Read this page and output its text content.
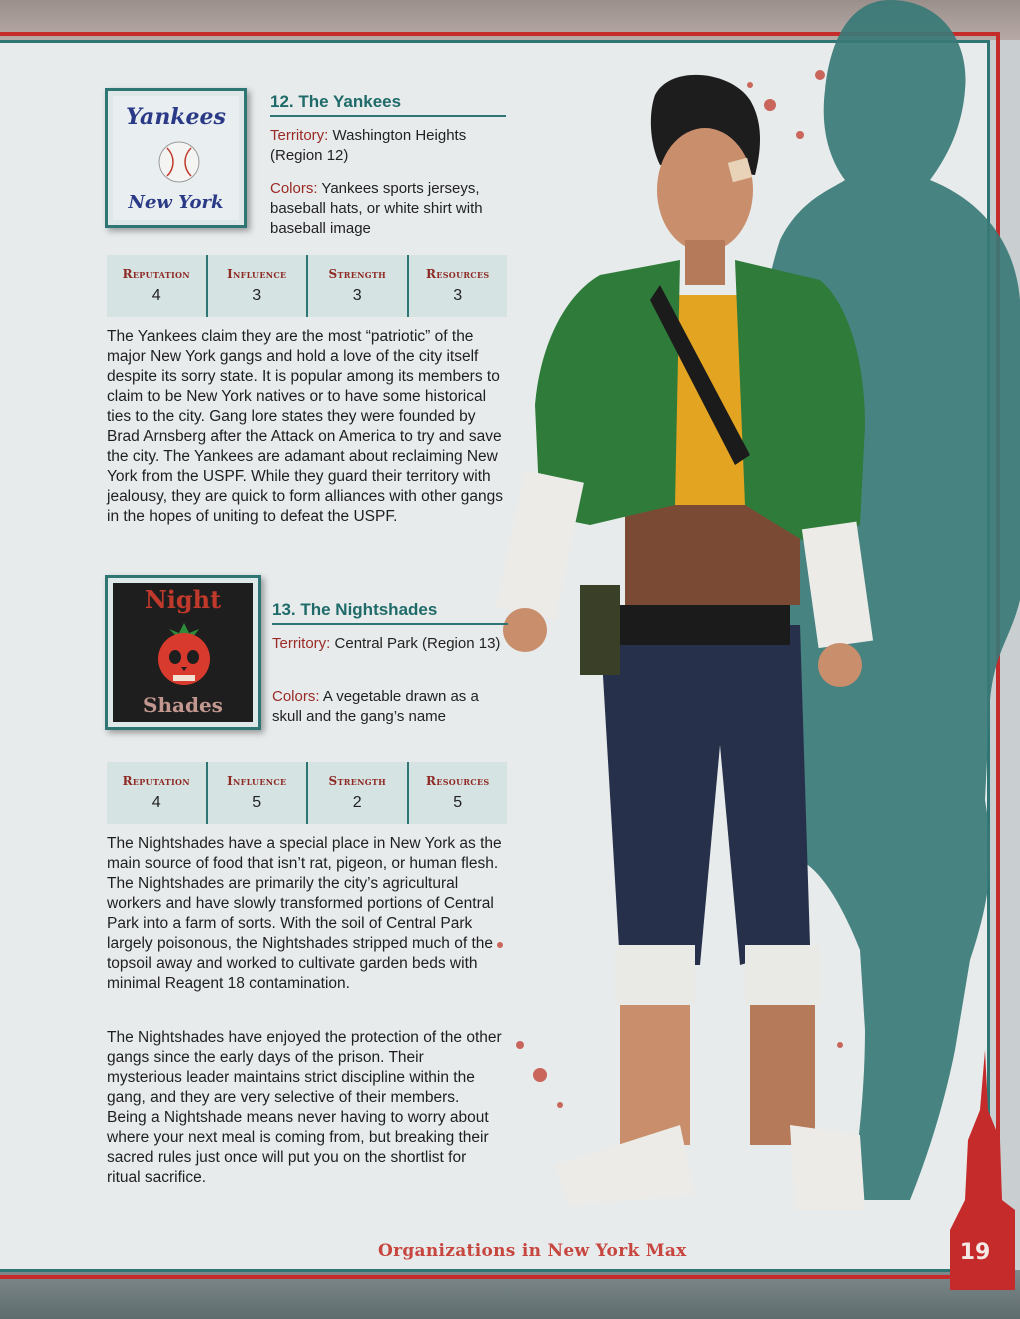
Yankees
New York
12. The Yankees
Territory: Washington Heights (Region 12)
Colors: Yankees sports jerseys, baseball hats, or white shirt with baseball image
Reputation
4
Influence
3
Strength
3
Resources
3

The Yankees claim they are the most “patriotic” of the major New York gangs and hold a love of the city itself despite its sorry state. It is popular among its members to claim to be New York natives or to have some historical ties to the city. Gang lore states they were founded by Brad Arnsberg after the Attack on America to try and save the city. The Yankees are adamant about reclaiming New York from the USPF. While they guard their territory with jealousy, they are quick to form alliances with other gangs in the hopes of uniting to defeat the USPF.

Night
Shades
13. The Nightshades
Territory: Central Park (Region 13)
Colors: A vegetable drawn as a skull and the gang’s name
Reputation
4
Influence
5
Strength
2
Resources
5

The Nightshades have a special place in New York as the main source of food that isn’t rat, pigeon, or human flesh. The Nightshades are primarily the city’s agricultural workers and have slowly transformed portions of Central Park into a farm of sorts. With the soil of Central Park largely poisonous, the Nightshades stripped much of the topsoil away and worked to cultivate garden beds with minimal Reagent 18 contamination.

The Nightshades have enjoyed the protection of the other gangs since the early days of the prison. Their mysterious leader maintains strict discipline within the gang, and they are very selective of their members. Being a Nightshade means never having to worry about where your next meal is coming from, but breaking their sacred rules just once will put you on the shortlist for ritual sacrifice.

Organizations in New York Max	19
